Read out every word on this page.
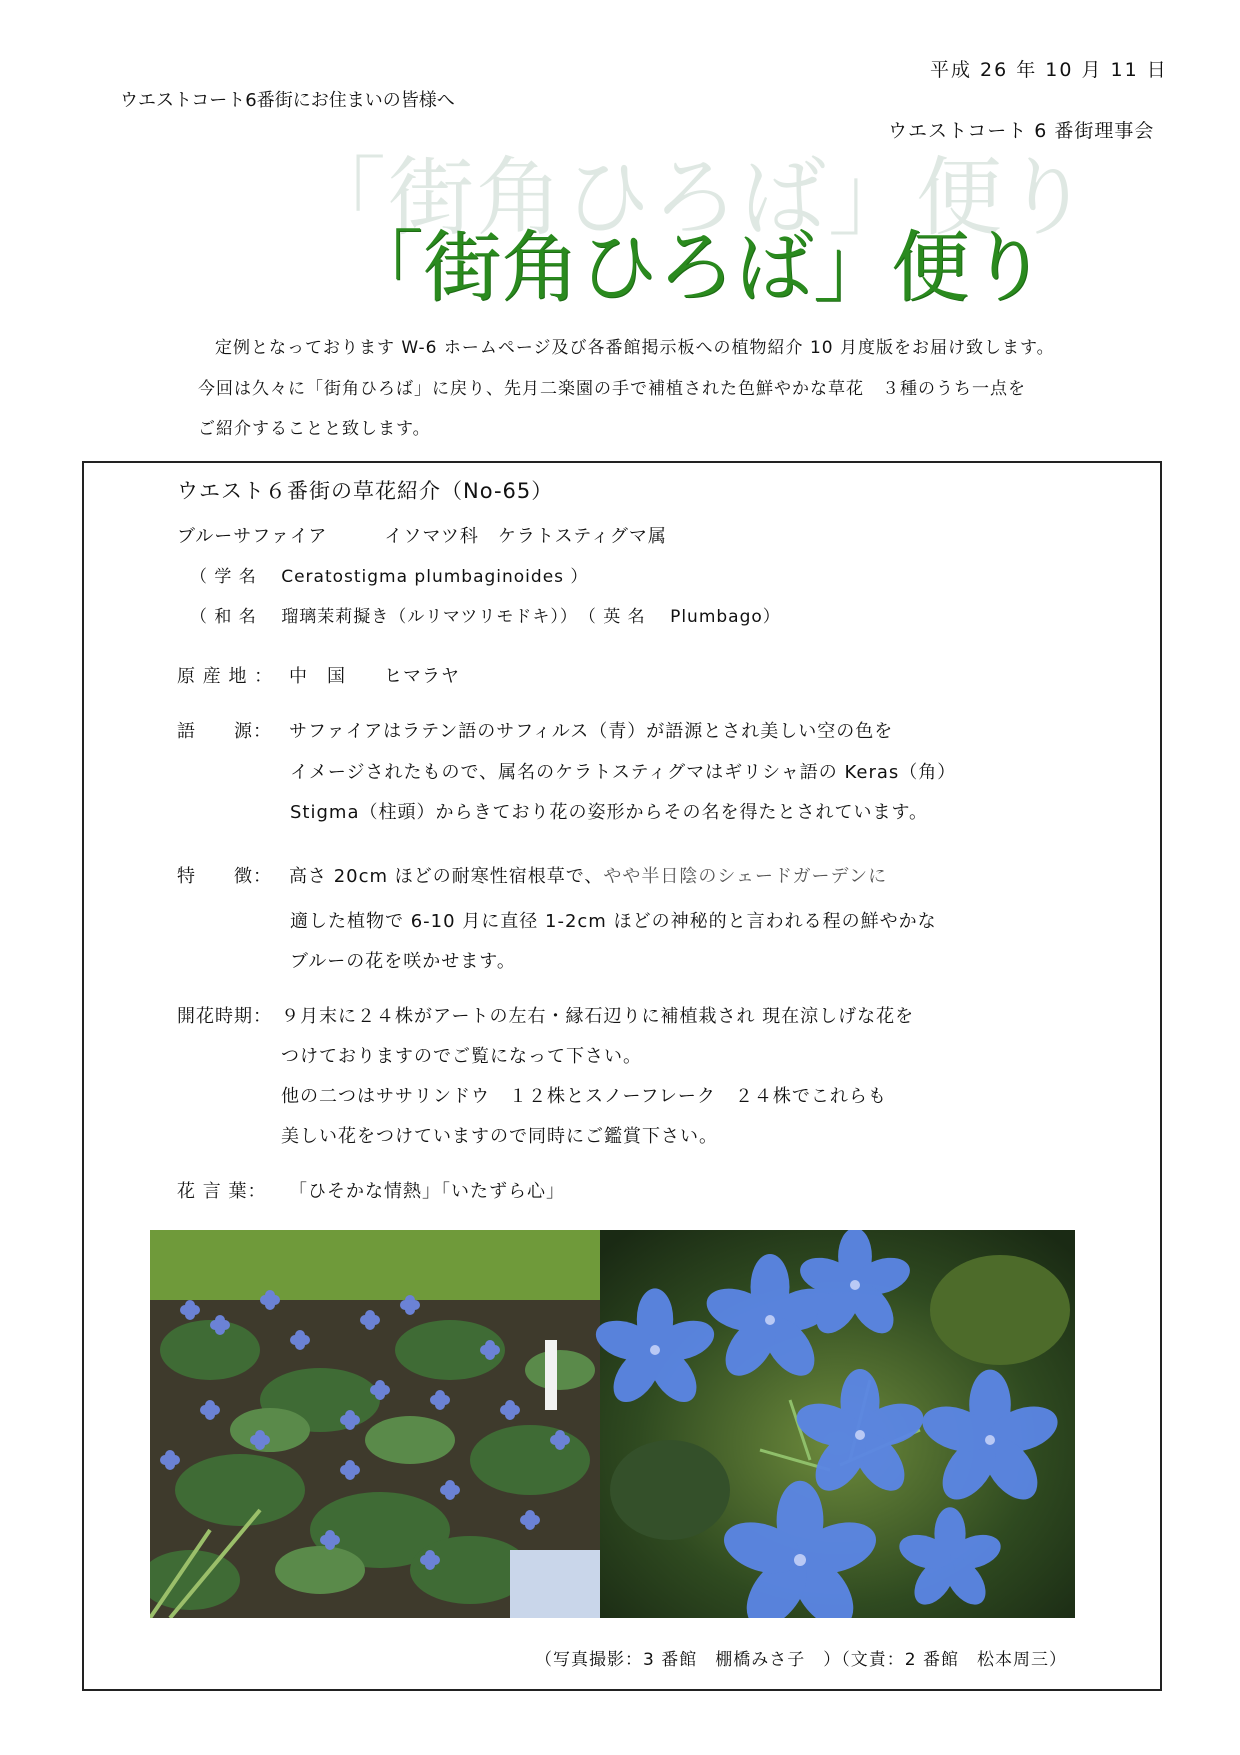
平成 26 年 10 月 11 日
ウエストコート6番街にお住まいの皆様へ
ウエストコート 6 番街理事会
「街角ひろば」便り
「街角ひろば」便り
定例となっております W-6 ホームページ及び各番館掲示板への植物紹介 10 月度版をお届け致します。
今回は久々に「街角ひろば」に戻り、先月二楽園の手で補植された色鮮やかな草花　３種のうち一点を
ご紹介することと致します。
ウエスト６番街の草花紹介（No-65）
ブルーサファイア　　　イソマツ科　ケラトスティグマ属
（ 学 名 　Ceratostigma plumbaginoides ）
（ 和 名 　瑠璃茉莉擬き（ルリマツリモドキ））　（ 英 名 　Plumbago）
原 産 地 ： 中　国　　ヒマラヤ
語　　源： サファイアはラテン語のサフィルス（青）が語源とされ美しい空の色を
イメージされたもので、属名のケラトスティグマはギリシャ語の Keras（角）
Stigma（柱頭）からきており花の姿形からその名を得たとされています。
特　　徴： 高さ 20cm ほどの耐寒性宿根草で、やや半日陰のシェードガーデンに
適した植物で 6-10 月に直径 1-2cm ほどの神秘的と言われる程の鮮やかな
ブルーの花を咲かせます。
開花時期： ９月末に２４株がアートの左右・縁石辺りに補植栽され 現在涼しげな花を
つけておりますのでご覧になって下さい。
他の二つはササリンドウ　１２株とスノーフレーク　２４株でこれらも
美しい花をつけていますので同時にご鑑賞下さい。
花 言 葉： 「ひそかな情熱」「いたずら心」
（写真撮影：3 番館　棚橋みさ子　）（文責：2 番館　松本周三）
